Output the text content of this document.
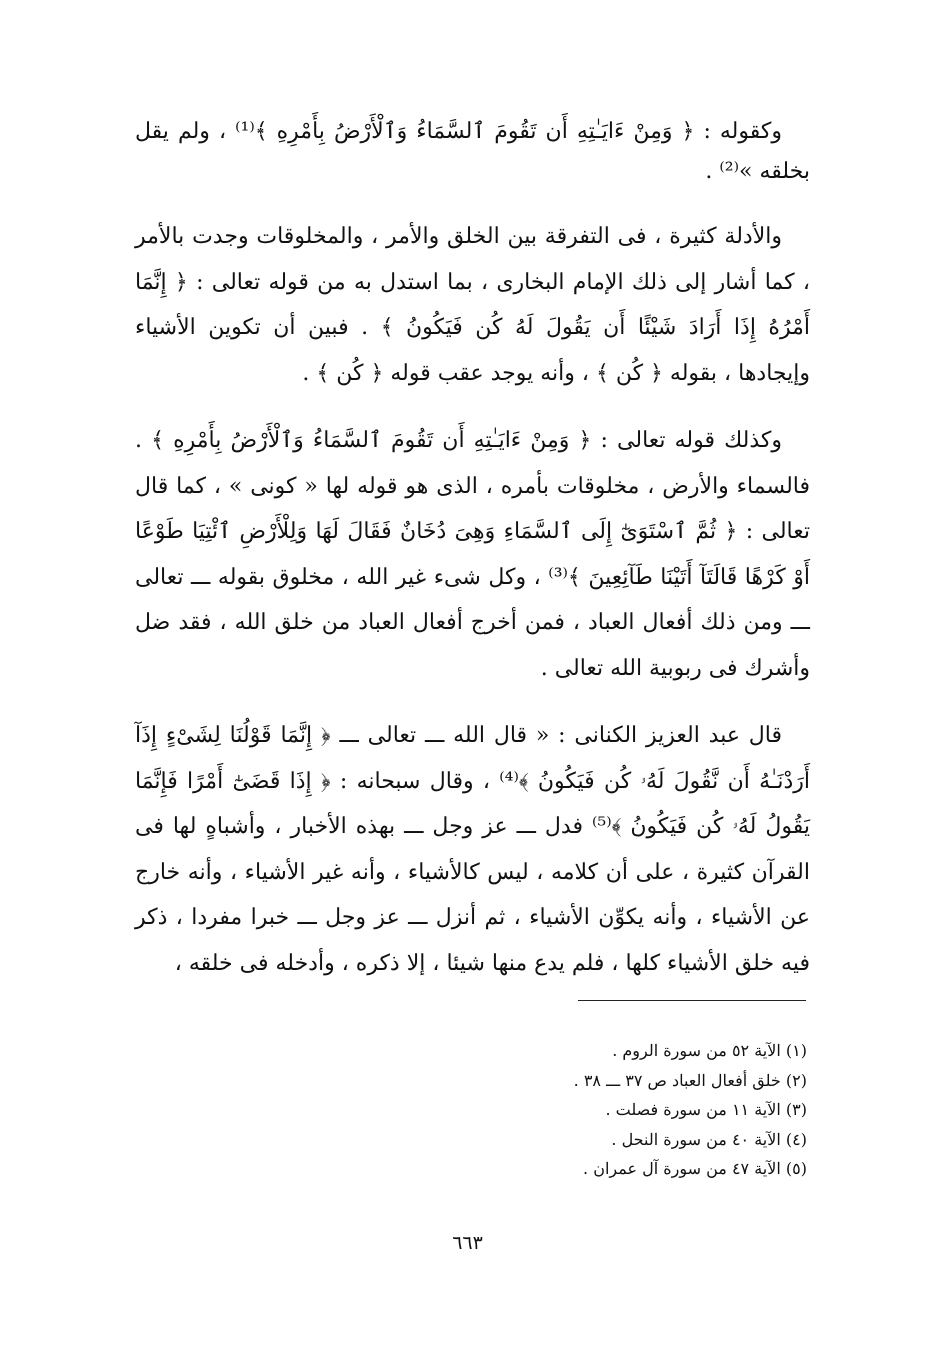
وكقوله : ﴿ وَمِنْ ءَايَـٰتِهِ أَن تَقُومَ ٱلسَّمَاءُ وَٱلْأَرْضُ بِأَمْرِهِ ﴾⁽¹⁾ ، ولم يقل بخلقه »⁽²⁾ .

والأدلة كثيرة ، فى التفرقة بين الخلق والأمر ، والمخلوقات وجدت بالأمر ، كما أشار إلى ذلك الإمام البخارى ، بما استدل به من قوله تعالى : ﴿ إِنَّمَا أَمْرُهُ إِذَا أَرَادَ شَيْئًا أَن يَقُولَ لَهُ كُن فَيَكُونُ ﴾ . فبين أن تكوين الأشياء وإيجادها ، بقوله ﴿ كُن ﴾ ، وأنه يوجد عقب قوله ﴿ كُن ﴾ .

وكذلك قوله تعالى : ﴿ وَمِنْ ءَايَـٰتِهِ أَن تَقُومَ ٱلسَّمَاءُ وَٱلْأَرْضُ بِأَمْرِهِ ﴾ . فالسماء والأرض ، مخلوقات بأمره ، الذى هو قوله لها « كونى » ، كما قال تعالى : ﴿ ثُمَّ ٱسْتَوَىٰٓ إِلَى ٱلسَّمَاءِ وَهِىَ دُخَانٌ فَقَالَ لَهَا وَلِلْأَرْضِ ٱئْتِيَا طَوْعًا أَوْ كَرْهًا قَالَتَآ أَتَيْنَا طَآئِعِينَ ﴾⁽³⁾ ، وكل شىء غير الله ، مخلوق بقوله ـــ تعالى ـــ ومن ذلك أفعال العباد ، فمن أخرج أفعال العباد من خلق الله ، فقد ضل وأشرك فى ربوبية الله تعالى .

قال عبد العزيز الكنانى : « قال الله ـــ تعالى ـــ ﴿ إِنَّمَا قَوْلُنَا لِشَىْءٍ إِذَآ أَرَدْنَـٰهُ أَن نَّقُولَ لَهُۥ كُن فَيَكُونُ ﴾⁽⁴⁾ ، وقال سبحانه : ﴿ إِذَا قَضَىٰٓ أَمْرًا فَإِنَّمَا يَقُولُ لَهُۥ كُن فَيَكُونُ ﴾⁽⁵⁾ فدل ـــ عز وجل ـــ بهذه الأخبار ، وأشباهٍ لها فى القرآن كثيرة ، على أن كلامه ، ليس كالأشياء ، وأنه غير الأشياء ، وأنه خارج عن الأشياء ، وأنه يكوِّن الأشياء ، ثم أنزل ـــ عز وجل ـــ خبرا مفردا ، ذكر فيه خلق الأشياء كلها ، فلم يدع منها شيئا ، إلا ذكره ، وأدخله فى خلقه ،

(١) الآية ٥٢ من سورة الروم .
(٢) خلق أفعال العباد ص ٣٧ ـــ ٣٨ .
(٣) الآية ١١ من سورة فصلت .
(٤) الآية ٤٠ من سورة النحل .
(٥) الآية ٤٧ من سورة آل عمران .
٦٦٣
